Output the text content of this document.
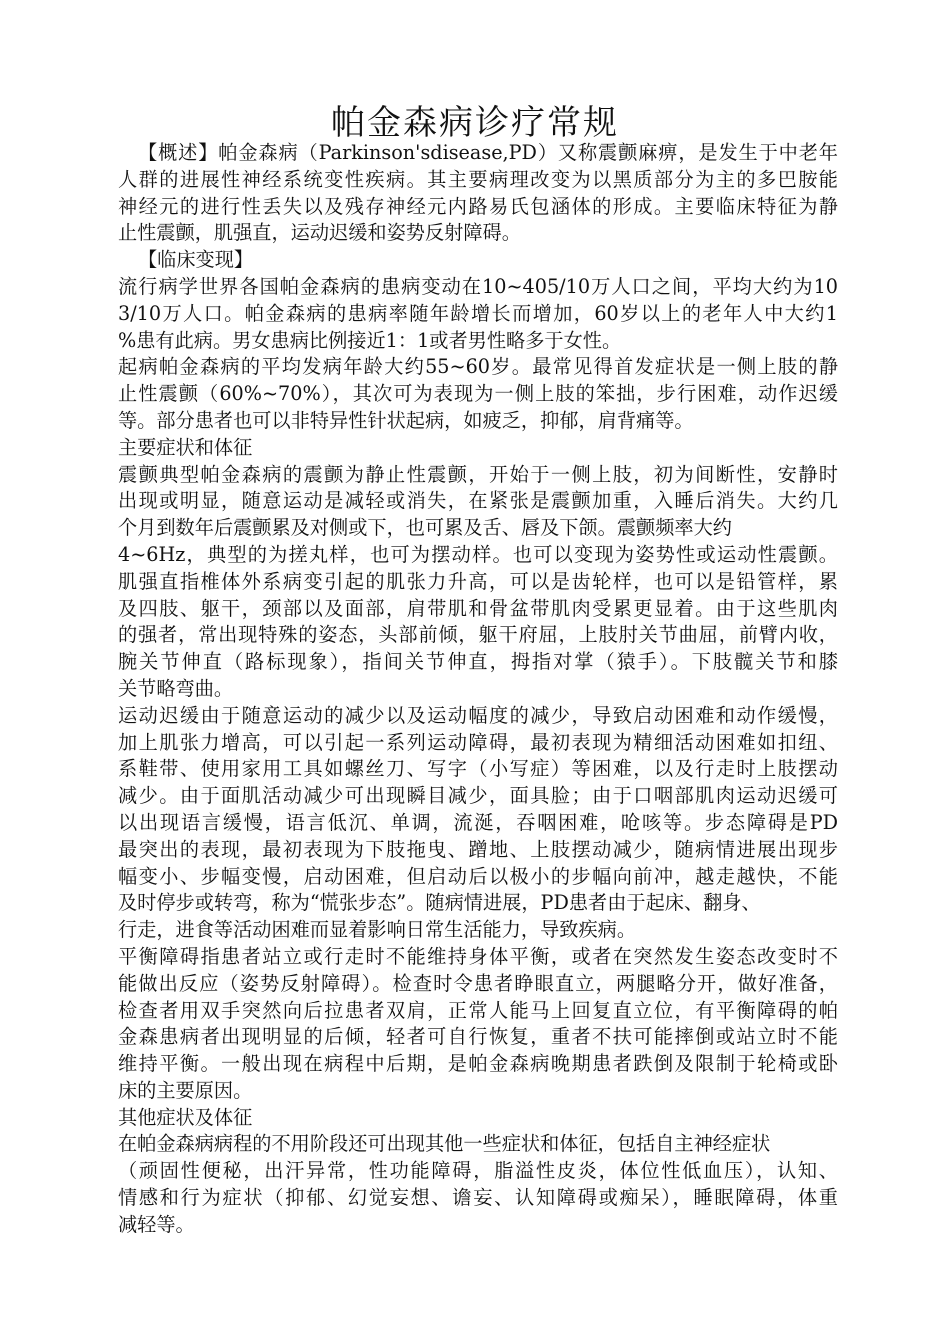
帕金森病诊疗常规
【概述】帕金森病（Parkinson'sdisease,PD）又称震颤麻痹，是发生于中老年
人群的进展性神经系统变性疾病。其主要病理改变为以黑质部分为主的多巴胺能
神经元的进行性丢失以及残存神经元内路易氏包涵体的形成。主要临床特征为静
止性震颤，肌强直，运动迟缓和姿势反射障碍。
【临床变现】
流行病学世界各国帕金森病的患病变动在10~405/10万人口之间，平均大约为10
3/10万人口。帕金森病的患病率随年龄增长而增加，60岁以上的老年人中大约1
%患有此病。男女患病比例接近1：1或者男性略多于女性。
起病帕金森病的平均发病年龄大约55~60岁。最常见得首发症状是一侧上肢的静
止性震颤（60%~70%），其次可为表现为一侧上肢的笨拙，步行困难，动作迟缓
等。部分患者也可以非特异性针状起病，如疲乏，抑郁，肩背痛等。
主要症状和体征
震颤典型帕金森病的震颤为静止性震颤，开始于一侧上肢，初为间断性，安静时
出现或明显，随意运动是减轻或消失，在紧张是震颤加重，入睡后消失。大约几
个月到数年后震颤累及对侧或下，也可累及舌、唇及下颌。震颤频率大约
4~6Hz，典型的为搓丸样，也可为摆动样。也可以变现为姿势性或运动性震颤。
肌强直指椎体外系病变引起的肌张力升高，可以是齿轮样，也可以是铅管样，累
及四肢、躯干，颈部以及面部，肩带肌和骨盆带肌肉受累更显着。由于这些肌肉
的强者，常出现特殊的姿态，头部前倾，躯干府屈，上肢肘关节曲屈，前臂内收，
腕关节伸直（路标现象），指间关节伸直，拇指对掌（猿手）。下肢髋关节和膝
关节略弯曲。
运动迟缓由于随意运动的减少以及运动幅度的减少，导致启动困难和动作缓慢，
加上肌张力增高，可以引起一系列运动障碍，最初表现为精细活动困难如扣纽、
系鞋带、使用家用工具如螺丝刀、写字（小写症）等困难，以及行走时上肢摆动
减少。由于面肌活动减少可出现瞬目减少，面具脸；由于口咽部肌肉运动迟缓可
以出现语言缓慢，语言低沉、单调，流涎，吞咽困难，呛咳等。步态障碍是PD
最突出的表现，最初表现为下肢拖曳、蹭地、上肢摆动减少，随病情进展出现步
幅变小、步幅变慢，启动困难，但启动后以极小的步幅向前冲，越走越快，不能
及时停步或转弯，称为“慌张步态”。随病情进展，PD患者由于起床、翻身、
行走，进食等活动困难而显着影响日常生活能力，导致疾病。
平衡障碍指患者站立或行走时不能维持身体平衡，或者在突然发生姿态改变时不
能做出反应（姿势反射障碍）。检查时令患者睁眼直立，两腿略分开，做好准备，
检查者用双手突然向后拉患者双肩，正常人能马上回复直立位，有平衡障碍的帕
金森患病者出现明显的后倾，轻者可自行恢复，重者不扶可能摔倒或站立时不能
维持平衡。一般出现在病程中后期，是帕金森病晚期患者跌倒及限制于轮椅或卧
床的主要原因。
其他症状及体征
在帕金森病病程的不用阶段还可出现其他一些症状和体征，包括自主神经症状
（顽固性便秘，出汗异常，性功能障碍，脂溢性皮炎，体位性低血压），认知、
情感和行为症状（抑郁、幻觉妄想、谵妄、认知障碍或痴呆），睡眠障碍，体重
减轻等。
